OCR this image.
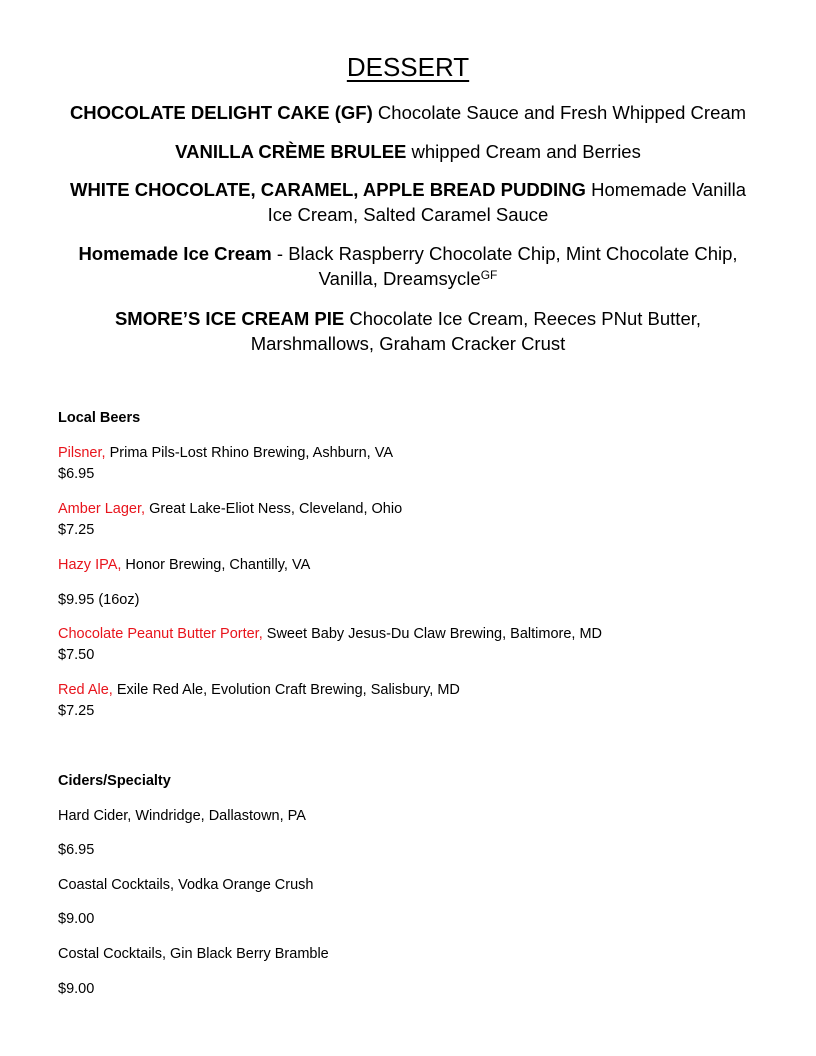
DESSERT
CHOCOLATE DELIGHT CAKE (GF) Chocolate Sauce and Fresh Whipped Cream
VANILLA CRÈME BRULEE whipped Cream and Berries
WHITE CHOCOLATE, CARAMEL, APPLE BREAD PUDDING Homemade Vanilla Ice Cream, Salted Caramel Sauce
Homemade Ice Cream - Black Raspberry Chocolate Chip, Mint Chocolate Chip, Vanilla, Dreamsycle$^{GF}$
SMORE’S ICE CREAM PIE Chocolate Ice Cream, Reeces PNut Butter, Marshmallows, Graham Cracker Crust
Local Beers
Pilsner, Prima Pils-Lost Rhino Brewing, Ashburn, VA
$6.95
Amber Lager, Great Lake-Eliot Ness, Cleveland, Ohio
$7.25
Hazy IPA, Honor Brewing, Chantilly, VA
$9.95 (16oz)
Chocolate Peanut Butter Porter, Sweet Baby Jesus-Du Claw Brewing, Baltimore, MD
$7.50
Red Ale, Exile Red Ale, Evolution Craft Brewing, Salisbury, MD
$7.25
Ciders/Specialty
Hard Cider, Windridge, Dallastown, PA
$6.95
Coastal Cocktails, Vodka Orange Crush
$9.00
Costal Cocktails, Gin Black Berry Bramble
$9.00
